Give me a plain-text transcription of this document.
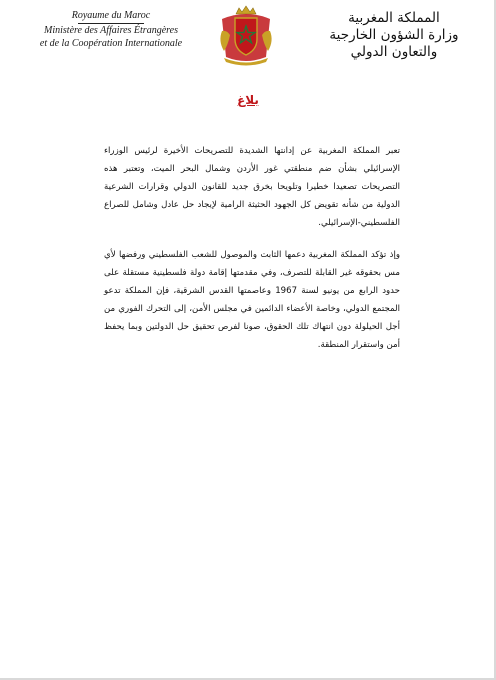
Royaume du Maroc
Ministère des Affaires Étrangères
et de la Coopération Internationale
المملكة المغربية
وزارة الشؤون الخارجية
والتعاون الدولي
بلاغ

تعبر المملكة المغربية عن إدانتها الشديدة للتصريحات الأخيرة لرئيس الوزراء الإسرائيلي بشأن ضم منطقتي غور الأردن وشمال البحر الميت، وتعتبر هذه التصريحات تصعيدا خطيرا وتلويحا بخرق جديد للقانون الدولي وقرارات الشرعية الدولية من شأنه تقويض كل الجهود الحثيثة الرامية لإيجاد حل عادل وشامل للصراع الفلسطيني-الإسرائيلي.

وإذ تؤكد المملكة المغربية دعمها الثابت والموصول للشعب الفلسطيني ورفضها لأي مس بحقوقه غير القابلة للتصرف، وفي مقدمتها إقامة دولة فلسطينية مستقلة على حدود الرابع من يونيو لسنة 1967 وعاصمتها القدس الشرقية، فإن المملكة تدعو المجتمع الدولي، وخاصة الأعضاء الدائمين في مجلس الأمن، إلى التحرك الفوري من أجل الحيلولة دون انتهاك تلك الحقوق، صونا لفرص تحقيق حل الدولتين وبما يحفظ أمن واستقرار المنطقة.
